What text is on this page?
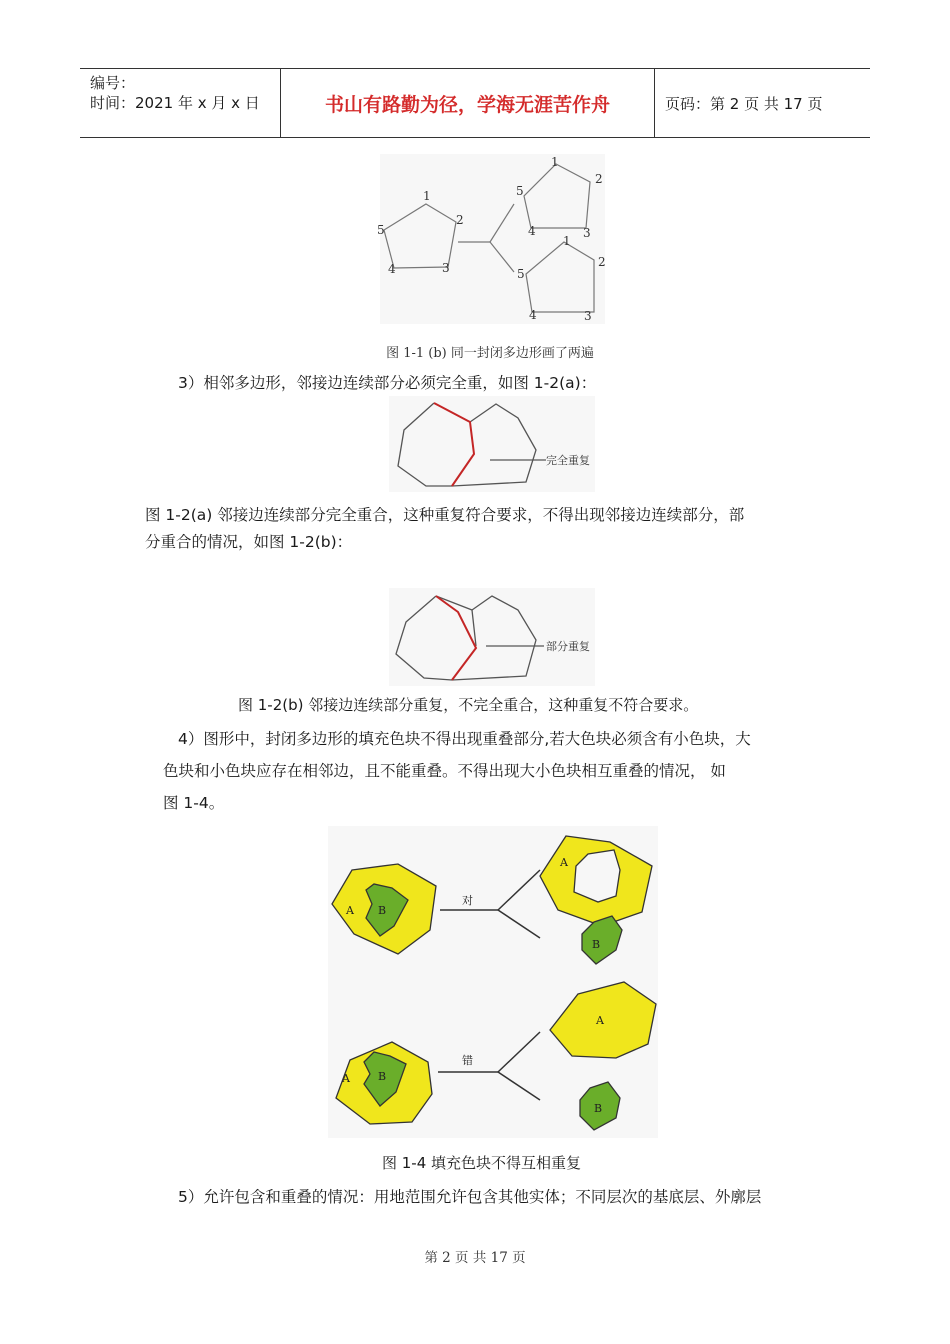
编号：
时间：2021 年 x 月 x 日	书山有路勤为径，学海无涯苦作舟	页码：第 2 页 共 17 页
1
2
3
4
5
1
2
3
4
5
1
2
3
4
5
图 1-1 (b) 同一封闭多边形画了两遍
3）相邻多边形，邻接边连续部分必须完全重，如图 1-2(a)：
完全重复
图 1-2(a) 邻接边连续部分完全重合，这种重复符合要求，不得出现邻接边连续部分，部
分重合的情况，如图 1-2(b)：
部分重复
图 1-2(b) 邻接边连续部分重复，不完全重合，这种重复不符合要求。
4）图形中，封闭多边形的填充色块不得出现重叠部分,若大色块必须含有小色块，大
色块和小色块应存在相邻边，且不能重叠。不得出现大小色块相互重叠的情况， 如
图 1-4。
对
错
A B
A
B
A	B
A
B
图 1-4 填充色块不得互相重复
5）允许包含和重叠的情况：用地范围允许包含其他实体；不同层次的基底层、外廓层
第 2 页 共 17 页
